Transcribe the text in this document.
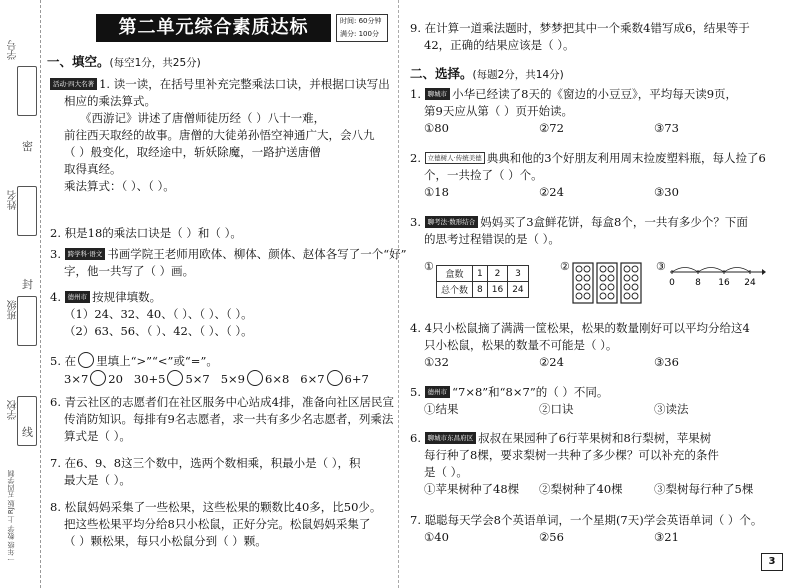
学号
密
姓名
封
班级
线
学校
一年级 数学 上 RJ版 五四学制
第二单元综合素质达标	时间: 60分钟
满分: 100分
一、填空。(每空1分，共25分)
活动·四大名著 1. 读一读，在括号里补充完整乘法口诀，并根据口诀写出
相应的乘法算式。
《西游记》讲述了唐僧师徒历经（ ）八十一难，
前往西天取经的故事。唐僧的大徒弟孙悟空神通广大，会八九
（ ）般变化，取经途中，斩妖除魔，一路护送唐僧
取得真经。
乘法算式：（ ）、（ ）。
2. 积是18的乘法口诀是（ ）和（ ）。
3. 跨学科·语文 书画学院王老师用欧体、柳体、颜体、赵体各写了一个“好”
字，他一共写了（ ）画。
4. 德州市 按规律填数。
（1）24、32、40、（ ）、（ ）、（ ）。
（2）63、56、（ ）、42、（ ）、（ ）。
5. 在 里填上“>”“<”或“=”。
3×7 20 30+5 5×7 5×9 6×8 6×7 6+7
6. 青云社区的志愿者们在社区服务中心站成4排，准备向社区居民宣
传消防知识。每排有9名志愿者，求一共有多少名志愿者，列乘法
算式是（ ）。
7. 在6、9、8这三个数中，选两个数相乘，积最小是（ ），积
最大是（ ）。
8. 松鼠妈妈采集了一些松果，这些松果的颗数比40多，比50少。
把这些松果平均分给8只小松鼠，正好分完。松鼠妈妈采集了
（ ）颗松果，每只小松鼠分到（ ）颗。
9. 在计算一道乘法题时，梦梦把其中一个乘数4错写成6，结果等于
42，正确的结果应该是（ ）。
二、选择。(每题2分，共14分)
1. 聊城市 小华已经读了8天的《窗边的小豆豆》，平均每天读9页，
第9天应从第（ ）页开始读。
①80	②72	③73
2. 立德树人·传统美德 典典和他的3个好朋友利用周末捡废塑料瓶，每人捡了6
个，一共捡了（ ）个。
①18	②24	③30
3. 聊考法·数形结合 妈妈买了3盒鲜花饼，每盒8个，一共有多少个？下面
的思考过程错误的是（ ）。
①
盒数	1	2	3
总个数	8	16	24
②	③
0 8 16 24
4. 4只小松鼠摘了满满一筐松果，松果的数量刚好可以平均分给这4
只小松鼠，松果的数量不可能是（ ）。
①32	②24	③36
5. 德州市 “7×8”和“8×7”的（ ）不同。
①结果	②口诀	③读法
6. 聊城市东昌府区 叔叔在果园种了6行苹果树和8行梨树，苹果树
每行种了8棵，要求梨树一共种了多少棵？可以补充的条件
是（ ）。
①苹果树种了48棵 ②梨树种了40棵	③梨树每行种了5棵
7. 聪聪每天学会8个英语单词，一个星期(7天)学会英语单词（ ）个。
①40	②56	③21
3
